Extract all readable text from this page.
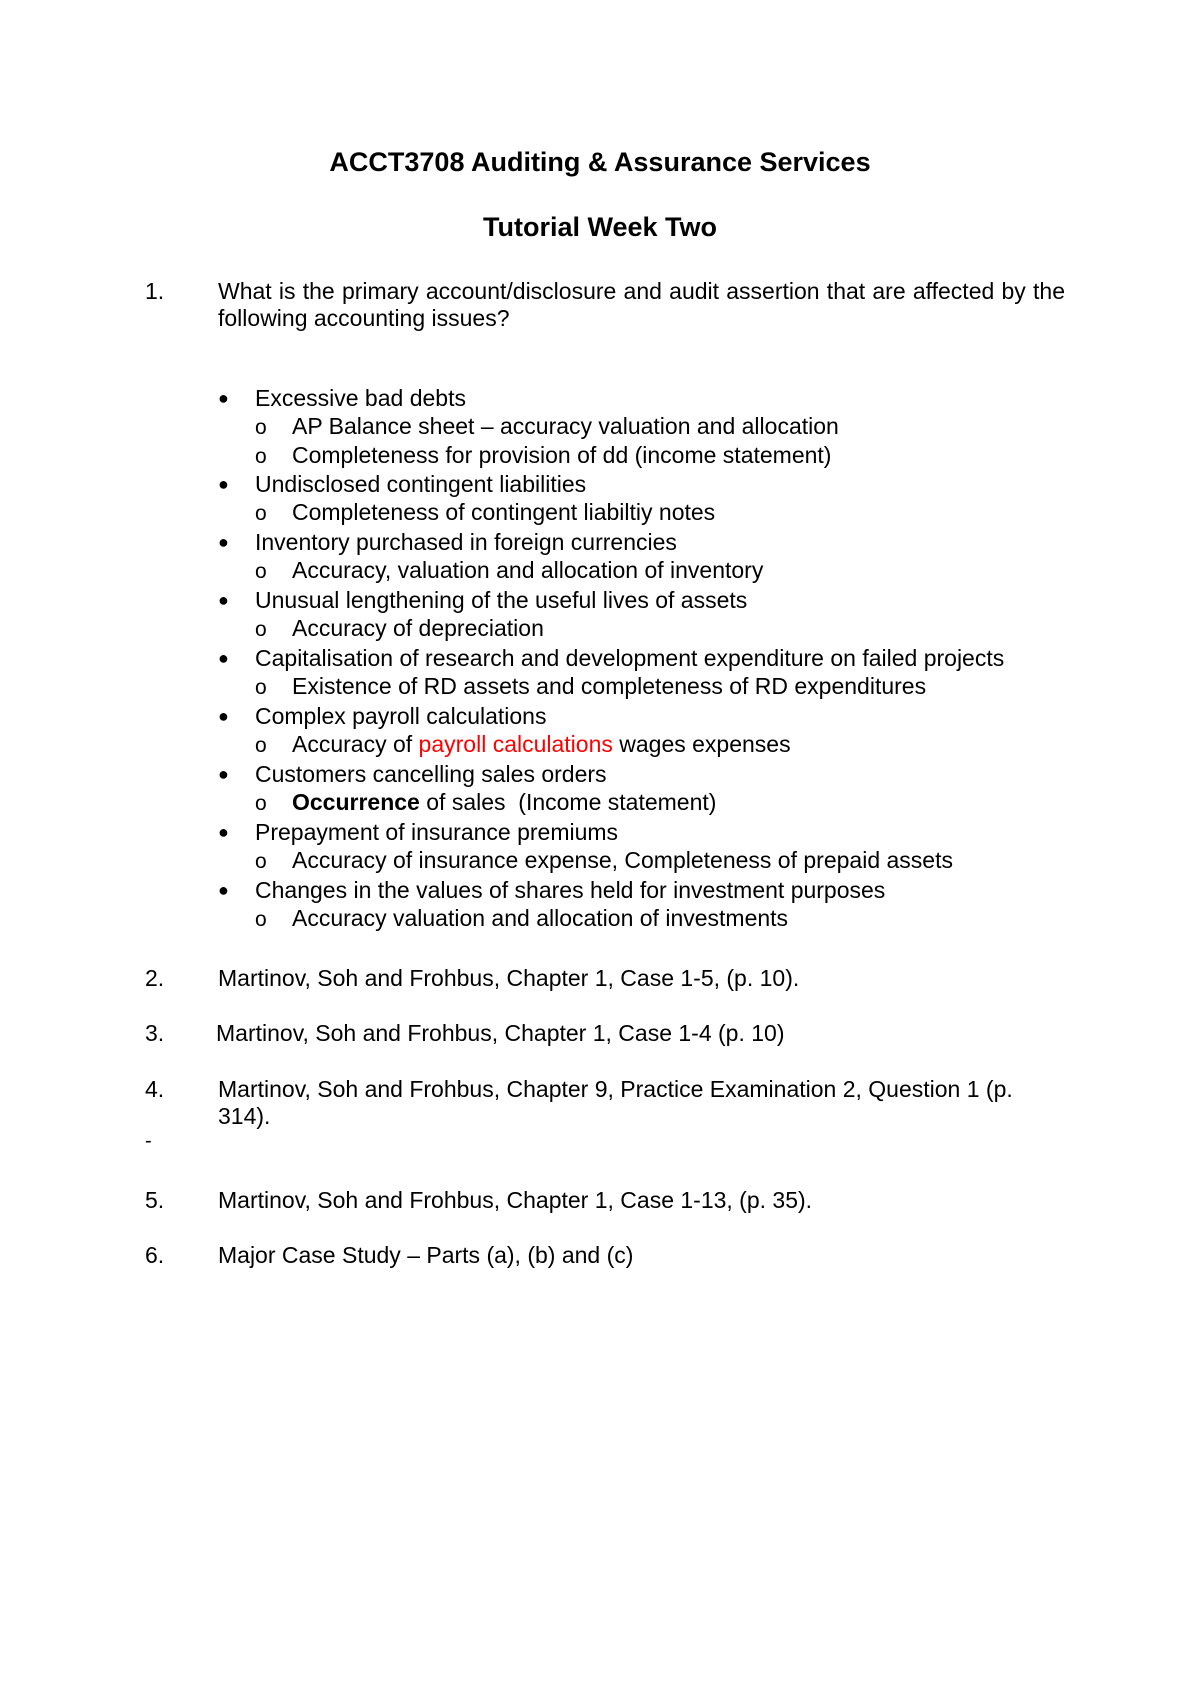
ACCT3708 Auditing & Assurance Services
Tutorial Week Two
1.	What is the primary account/disclosure and audit assertion that are affected by the following accounting issues?
● Excessive bad debts
o AP Balance sheet – accuracy valuation and allocation
o Completeness for provision of dd (income statement)
● Undisclosed contingent liabilities
o Completeness of contingent liabiltiy notes
● Inventory purchased in foreign currencies
o Accuracy, valuation and allocation of inventory
● Unusual lengthening of the useful lives of assets
o Accuracy of depreciation
● Capitalisation of research and development expenditure on failed projects
o Existence of RD assets and completeness of RD expenditures
● Complex payroll calculations
o Accuracy of payroll calculations wages expenses
● Customers cancelling sales orders
o Occurrence of sales  (Income statement)
● Prepayment of insurance premiums
o Accuracy of insurance expense, Completeness of prepaid assets
● Changes in the values of shares held for investment purposes
o Accuracy valuation and allocation of investments
2.	Martinov, Soh and Frohbus, Chapter 1, Case 1-5, (p. 10).
3.	Martinov, Soh and Frohbus, Chapter 1, Case 1-4 (p. 10)
4.	Martinov, Soh and Frohbus, Chapter 9, Practice Examination 2, Question 1 (p. 314).
-
5.	Martinov, Soh and Frohbus, Chapter 1, Case 1-13, (p. 35).
6.	Major Case Study – Parts (a), (b) and (c)
